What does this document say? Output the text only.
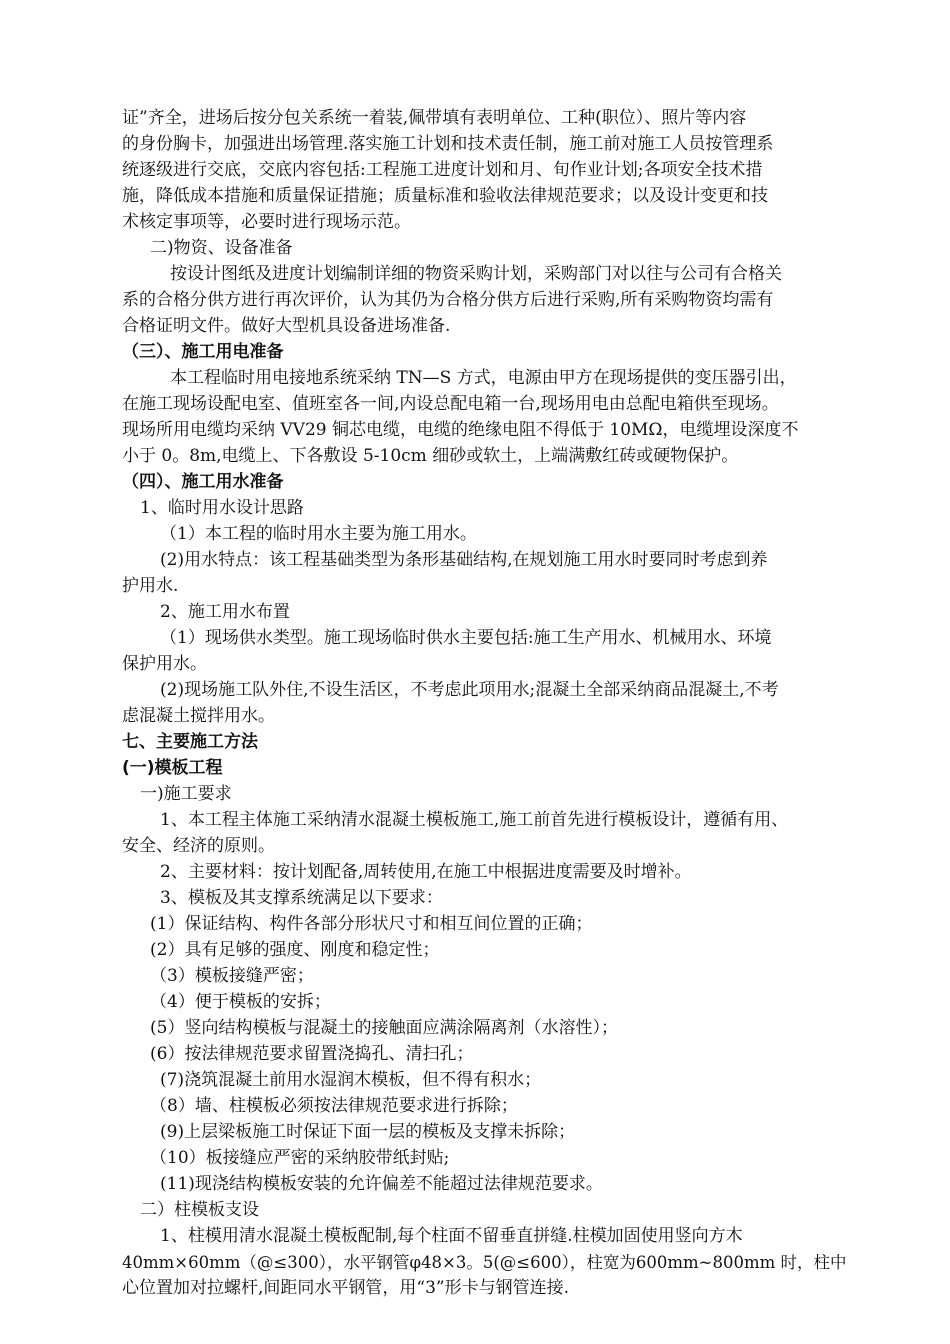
证”齐全，进场后按分包关系统一着装,佩带填有表明单位、工种(职位）、照片等内容
的身份胸卡，加强进出场管理.落实施工计划和技术责任制，施工前对施工人员按管理系
统逐级进行交底，交底内容包括:工程施工进度计划和月、旬作业计划;各项安全技术措
施，降低成本措施和质量保证措施；质量标准和验收法律规范要求；以及设计变更和技
术核定事项等，必要时进行现场示范。
二)物资、设备准备
按设计图纸及进度计划编制详细的物资采购计划，采购部门对以往与公司有合格关
系的合格分供方进行再次评价，认为其仍为合格分供方后进行采购,所有采购物资均需有
合格证明文件。做好大型机具设备进场准备.
（三）、施工用电准备
本工程临时用电接地系统采纳 TN—S 方式，电源由甲方在现场提供的变压器引出，
在施工现场设配电室、值班室各一间,内设总配电箱一台,现场用电由总配电箱供至现场。
现场所用电缆均采纳 VV29 铜芯电缆，电缆的绝缘电阻不得低于 10MΩ，电缆埋设深度不
小于 0。8m,电缆上、下各敷设 5-10cm 细砂或软土，上端满敷红砖或硬物保护。
（四）、施工用水准备
1、临时用水设计思路
（1）本工程的临时用水主要为施工用水。
(2)用水特点：该工程基础类型为条形基础结构,在规划施工用水时要同时考虑到养
护用水.
2、施工用水布置
（1）现场供水类型。施工现场临时供水主要包括:施工生产用水、机械用水、环境
保护用水。
(2)现场施工队外住,不设生活区，不考虑此项用水;混凝土全部采纳商品混凝土,不考
虑混凝土搅拌用水。
七、主要施工方法
(一)模板工程
一)施工要求
1、本工程主体施工采纳清水混凝土模板施工,施工前首先进行模板设计，遵循有用、
安全、经济的原则。
2、主要材料：按计划配备,周转使用,在施工中根据进度需要及时增补。
3、模板及其支撑系统满足以下要求：
(1）保证结构、构件各部分形状尺寸和相互间位置的正确；
(2）具有足够的强度、刚度和稳定性；
（3）模板接缝严密；
（4）便于模板的安拆；
(5）竖向结构模板与混凝土的接触面应满涂隔离剂（水溶性）；
(6）按法律规范要求留置浇捣孔、清扫孔；
(7)浇筑混凝土前用水湿润木模板，但不得有积水；
（8）墙、柱模板必须按法律规范要求进行拆除；
(9)上层梁板施工时保证下面一层的模板及支撑未拆除；
（10）板接缝应严密的采纳胶带纸封贴;
(11)现浇结构模板安装的允许偏差不能超过法律规范要求。
二）柱模板支设
1、柱模用清水混凝土模板配制,每个柱面不留垂直拼缝.柱模加固使用竖向方木
40mm×60mm（@≤300），水平钢管φ48×3。5(@≤600），柱宽为600mm~800mm 时，柱中
心位置加对拉螺杆,间距同水平钢管，用“3”形卡与钢管连接.
